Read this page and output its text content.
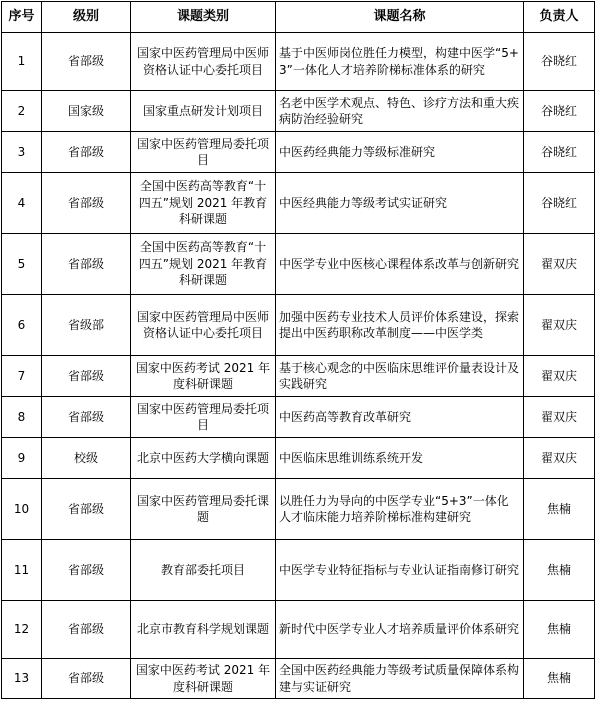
序号	级别	课题类别	课题名称	负责人
1	省部级	国家中医药管理局中医师资格认证中心委托项目	基于中医师岗位胜任力模型，构建中医学“5+3”一体化人才培养阶梯标准体系的研究	谷晓红
2	国家级	国家重点研发计划项目	名老中医学术观点、特色、诊疗方法和重大疾病防治经验研究	谷晓红
3	省部级	国家中医药管理局委托项目	中医药经典能力等级标准研究	谷晓红
4	省部级	全国中医药高等教育“十四五”规划 2021 年教育科研课题	中医经典能力等级考试实证研究	谷晓红
5	省部级	全国中医药高等教育“十四五”规划 2021 年教育科研课题	中医学专业中医核心课程体系改革与创新研究	翟双庆
6	省级部	国家中医药管理局中医师资格认证中心委托项目	加强中医药专业技术人员评价体系建设，探索提出中医药职称改革制度——中医学类	翟双庆
7	省部级	国家中医药考试 2021 年度科研课题	基于核心观念的中医临床思维评价量表设计及实践研究	翟双庆
8	省部级	国家中医药管理局委托项目	中医药高等教育改革研究	翟双庆
9	校级	北京中医药大学横向课题	中医临床思维训练系统开发	翟双庆
10	省部级	国家中医药管理局委托课题	以胜任力为导向的中医学专业“5+3”一体化人才临床能力培养阶梯标准构建研究	焦楠
11	省部级	教育部委托项目	中医学专业特征指标与专业认证指南修订研究	焦楠
12	省部级	北京市教育科学规划课题	新时代中医学专业人才培养质量评价体系研究	焦楠
13	省部级	国家中医药考试 2021 年度科研课题	全国中医药经典能力等级考试质量保障体系构建与实证研究	焦楠
